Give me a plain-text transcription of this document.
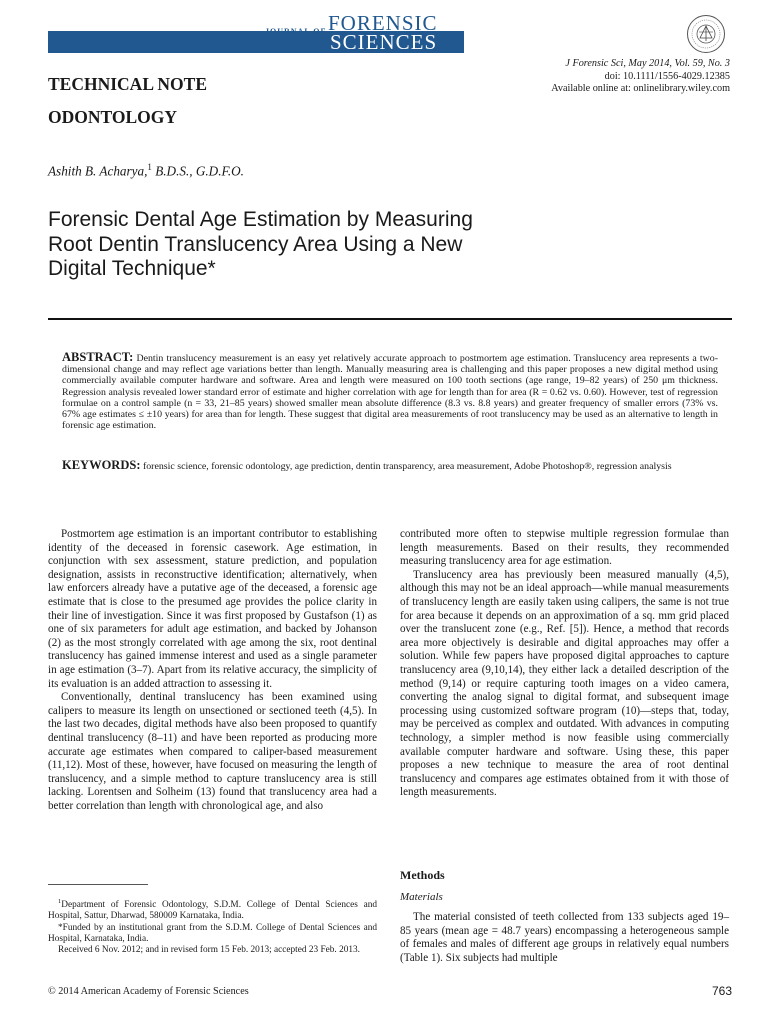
JOURNAL OF FORENSIC
SCIENCES
J Forensic Sci, May 2014, Vol. 59, No. 3
doi: 10.1111/1556-4029.12385
Available online at: onlinelibrary.wiley.com
TECHNICAL NOTE
ODONTOLOGY
Ashith B. Acharya,$^1$ B.D.S., G.D.F.O.
Forensic Dental Age Estimation by Measuring
Root Dentin Translucency Area Using a New
Digital Technique*
ABSTRACT: Dentin translucency measurement is an easy yet relatively accurate approach to postmortem age estimation. Translucency area represents a two-dimensional change and may reflect age variations better than length. Manually measuring area is challenging and this paper proposes a new digital method using commercially available computer hardware and software. Area and length were measured on 100 tooth sections (age range, 19–82 years) of 250 μm thickness. Regression analysis revealed lower standard error of estimate and higher correlation with age for length than for area (R = 0.62 vs. 0.60). However, test of regression formulae on a control sample (n = 33, 21–85 years) showed smaller mean absolute difference (8.3 vs. 8.8 years) and greater frequency of smaller errors (73% vs. 67% age estimates ≤ ±10 years) for area than for length. These suggest that digital area measurements of root translucency may be used as an alternative to length in forensic age estimation.
KEYWORDS: forensic science, forensic odontology, age prediction, dentin transparency, area measurement, Adobe Photoshop®, regression analysis

Postmortem age estimation is an important contributor to establishing identity of the deceased in forensic casework. Age estimation, in conjunction with sex assessment, stature prediction, and population designation, assists in reconstructive identification; alternatively, when law enforcers already have a putative age of the deceased, a forensic age estimate that is close to the presumed age provides the police clarity in their line of investigation. Since it was first proposed by Gustafson (1) as one of six parameters for adult age estimation, and backed by Johanson (2) as the most strongly correlated with age among the six, root dentinal translucency has gained immense interest and used as a single parameter in age estimation (3–7). Apart from its relative accuracy, the simplicity of its evaluation is an added attraction to assessing it.

Conventionally, dentinal translucency has been examined using calipers to measure its length on unsectioned or sectioned teeth (4,5). In the last two decades, digital methods have also been proposed to quantify dentinal translucency (8–11) and have been reported as producing more accurate age estimates when compared to caliper-based measurement (11,12). Most of these, however, have focused on measuring the length of translucency, and a simple method to capture translucency area is still lacking. Lorentsen and Solheim (13) found that translucency area had a better correlation than length with chronological age, and also

contributed more often to stepwise multiple regression formulae than length measurements. Based on their results, they recommended measuring translucency area for age estimation.

Translucency area has previously been measured manually (4,5), although this may not be an ideal approach—while manual measurements of translucency length are easily taken using calipers, the same is not true for area because it depends on an approximation of a sq. mm grid placed over the translucent zone (e.g., Ref. [5]). Hence, a method that records area more objectively is desirable and digital approaches may offer a solution. While few papers have proposed digital approaches to capture translucency area (9,10,14), they either lack a detailed description of the method (9,14) or require capturing tooth images on a video camera, converting the analog signal to digital format, and subsequent image processing using customized software program (10)—steps that, today, may be perceived as complex and outdated. With advances in computing technology, a simpler method is now feasible using commercially available computer hardware and software. Using these, this paper proposes a new technique to measure the area of root dentinal translucency and compares age estimates obtained from it with those of length measurements.

Methods
Materials

The material consisted of teeth collected from 133 subjects aged 19–85 years (mean age = 48.7 years) encompassing a heterogeneous sample of females and males of different age groups in relatively equal numbers (Table 1). Six subjects had multiple

$^1$Department of Forensic Odontology, S.D.M. College of Dental Sciences and Hospital, Sattur, Dharwad, 580009 Karnataka, India.

*Funded by an institutional grant from the S.D.M. College of Dental Sciences and Hospital, Karnataka, India.

Received 6 Nov. 2012; and in revised form 15 Feb. 2013; accepted 23 Feb. 2013.

© 2014 American Academy of Forensic Sciences	763
